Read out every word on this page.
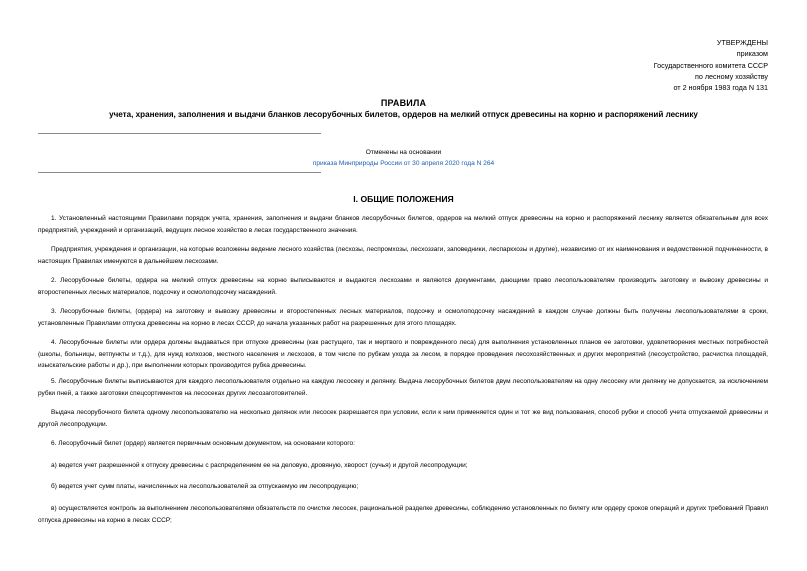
УТВЕРЖДЕНЫ
приказом
Государственного комитета СССР
по лесному хозяйству
от 2 ноября 1983 года N 131
ПРАВИЛА
учета, хранения, заполнения и выдачи бланков лесорубочных билетов, ордеров на мелкий отпуск древесины на корню и распоряжений леснику
Отменены на основании
приказа Минприроды России от 30 апреля 2020 года N 264
I. ОБЩИЕ ПОЛОЖЕНИЯ

1. Установленный настоящими Правилами порядок учета, хранения, заполнения и выдачи бланков лесорубочных билетов, ордеров на мелкий отпуск древесины на корню и распоряжений леснику является обязательным для всех предприятий, учреждений и организаций, ведущих лесное хозяйство в лесах государственного значения.

Предприятия, учреждения и организации, на которые возложены ведение лесного хозяйства (лесхозы, леспромхозы, лесхоззаги, заповедники, леспаркхозы и другие), независимо от их наименования и ведомственной подчиненности, в настоящих Правилах именуются в дальнейшем лесхозами.

2. Лесорубочные билеты, ордера на мелкий отпуск древесины на корню выписываются и выдаются лесхозами и являются документами, дающими право лесопользователям производить заготовку и вывозку древесины и второстепенных лесных материалов, подсочку и осмолоподсочку насаждений.

3. Лесорубочные билеты, (ордера) на заготовку и вывозку древесины и второстепенных лесных материалов, подсочку и осмолоподсочку насаждений в каждом случае должны быть получены лесопользователями в сроки, установленные Правилами отпуска древесины на корню в лесах СССР, до начала указанных работ на разрешенных для этого площадях.

4. Лесорубочные билеты или ордера должны выдаваться при отпуске древесины (как растущего, так и мертвого и поврежденного леса) для выполнения установленных планов ее заготовки, удовлетворения местных потребностей (школы, больницы, ветпункты и т.д.), для нужд колхозов, местного населения и лесхозов, в том числе по рубкам ухода за лесом, в порядке проведения лесохозяйственных и других мероприятий (лесоустройство, расчистка площадей, изыскательские работы и др.), при выполнении которых производится рубка древесины.

5. Лесорубочные билеты выписываются для каждого лесопользователя отдельно на каждую лесосеку и делянку. Выдача лесорубочных билетов двум лесопользователям на одну лесосеку или делянку не допускается, за исключением рубки пней, а также заготовки спецсортиментов на лесосеках других лесозаготовителей.

Выдача лесорубочного билета одному лесопользователю на несколько делянок или лесосек разрешается при условии, если к ним применяется один и тот же вид пользования, способ рубки и способ учета отпускаемой древесины и другой лесопродукции.

6. Лесорубочный билет (ордер) является первичным основным документом, на основании которого:

а) ведется учет разрешенной к отпуску древесины с распределением ее на деловую, дровяную, хворост (сучья) и другой лесопродукции;

б) ведется учет сумм платы, начисленных на лесопользователей за отпускаемую им лесопродукцию;

в) осуществляется контроль за выполнением лесопользователями обязательств по очистке лесосек, рациональной разделке древесины, соблюдению установленных по билету или ордеру сроков операций и других требований Правил отпуска древесины на корню в лесах СССР;
